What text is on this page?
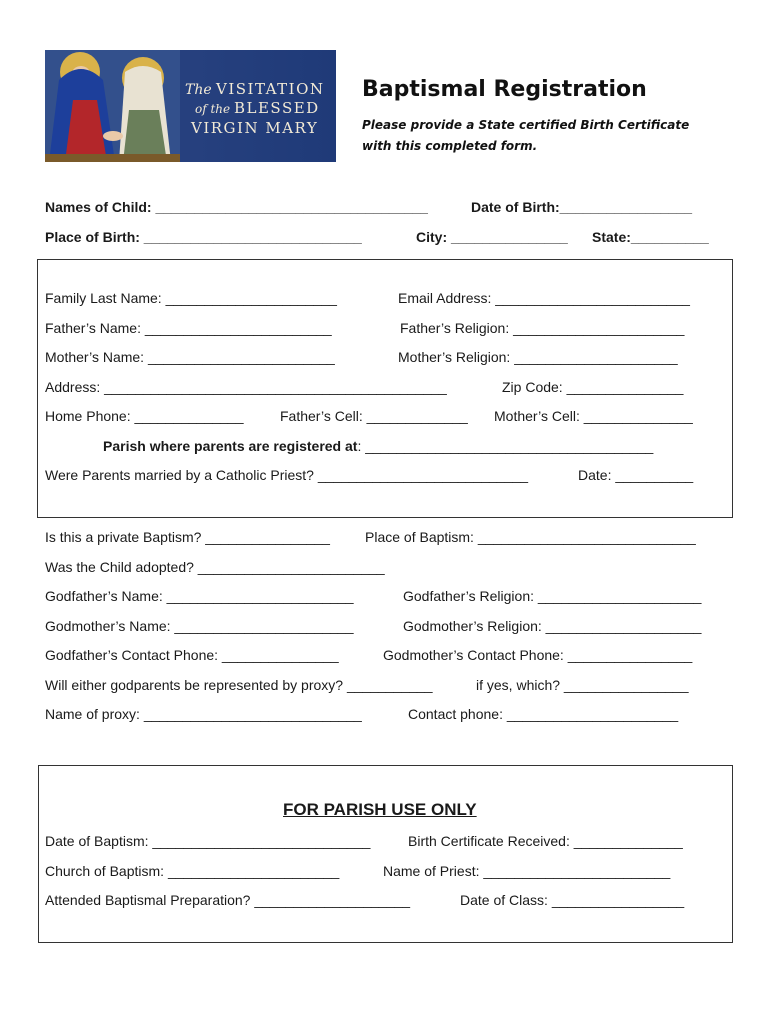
The VISITATION
of the BLESSED
VIRGIN MARY
Baptismal Registration
Please provide a State certified Birth Certificate
with this completed form.
Names of Child: ___________________________________	Date of Birth:_________________
Place of Birth: ____________________________	City: _______________ State:__________
Family Last Name: ______________________	Email Address: _________________________
Father’s Name: ________________________	Father’s Religion: ______________________
Mother’s Name: ________________________	Mother’s Religion: _____________________
Address: ____________________________________________	Zip Code: _______________
Home Phone: ______________	Father’s Cell: _____________ Mother’s Cell: ______________
Parish where parents are registered at: _____________________________________
Were Parents married by a Catholic Priest? ___________________________	Date: __________
Is this a private Baptism? ________________	Place of Baptism: ____________________________
Was the Child adopted? ________________________
Godfather’s Name: ________________________	Godfather’s Religion: _____________________
Godmother’s Name: _______________________	Godmother’s Religion: ____________________
Godfather’s Contact Phone: _______________	Godmother’s Contact Phone: ________________
Will either godparents be represented by proxy? ___________	if yes, which? ________________
Name of proxy: ____________________________	Contact phone: ______________________
FOR PARISH USE ONLY
Date of Baptism: ____________________________	Birth Certificate Received: ______________
Church of Baptism: ______________________	Name of Priest: ________________________
Attended Baptismal Preparation? ____________________	Date of Class: _________________
